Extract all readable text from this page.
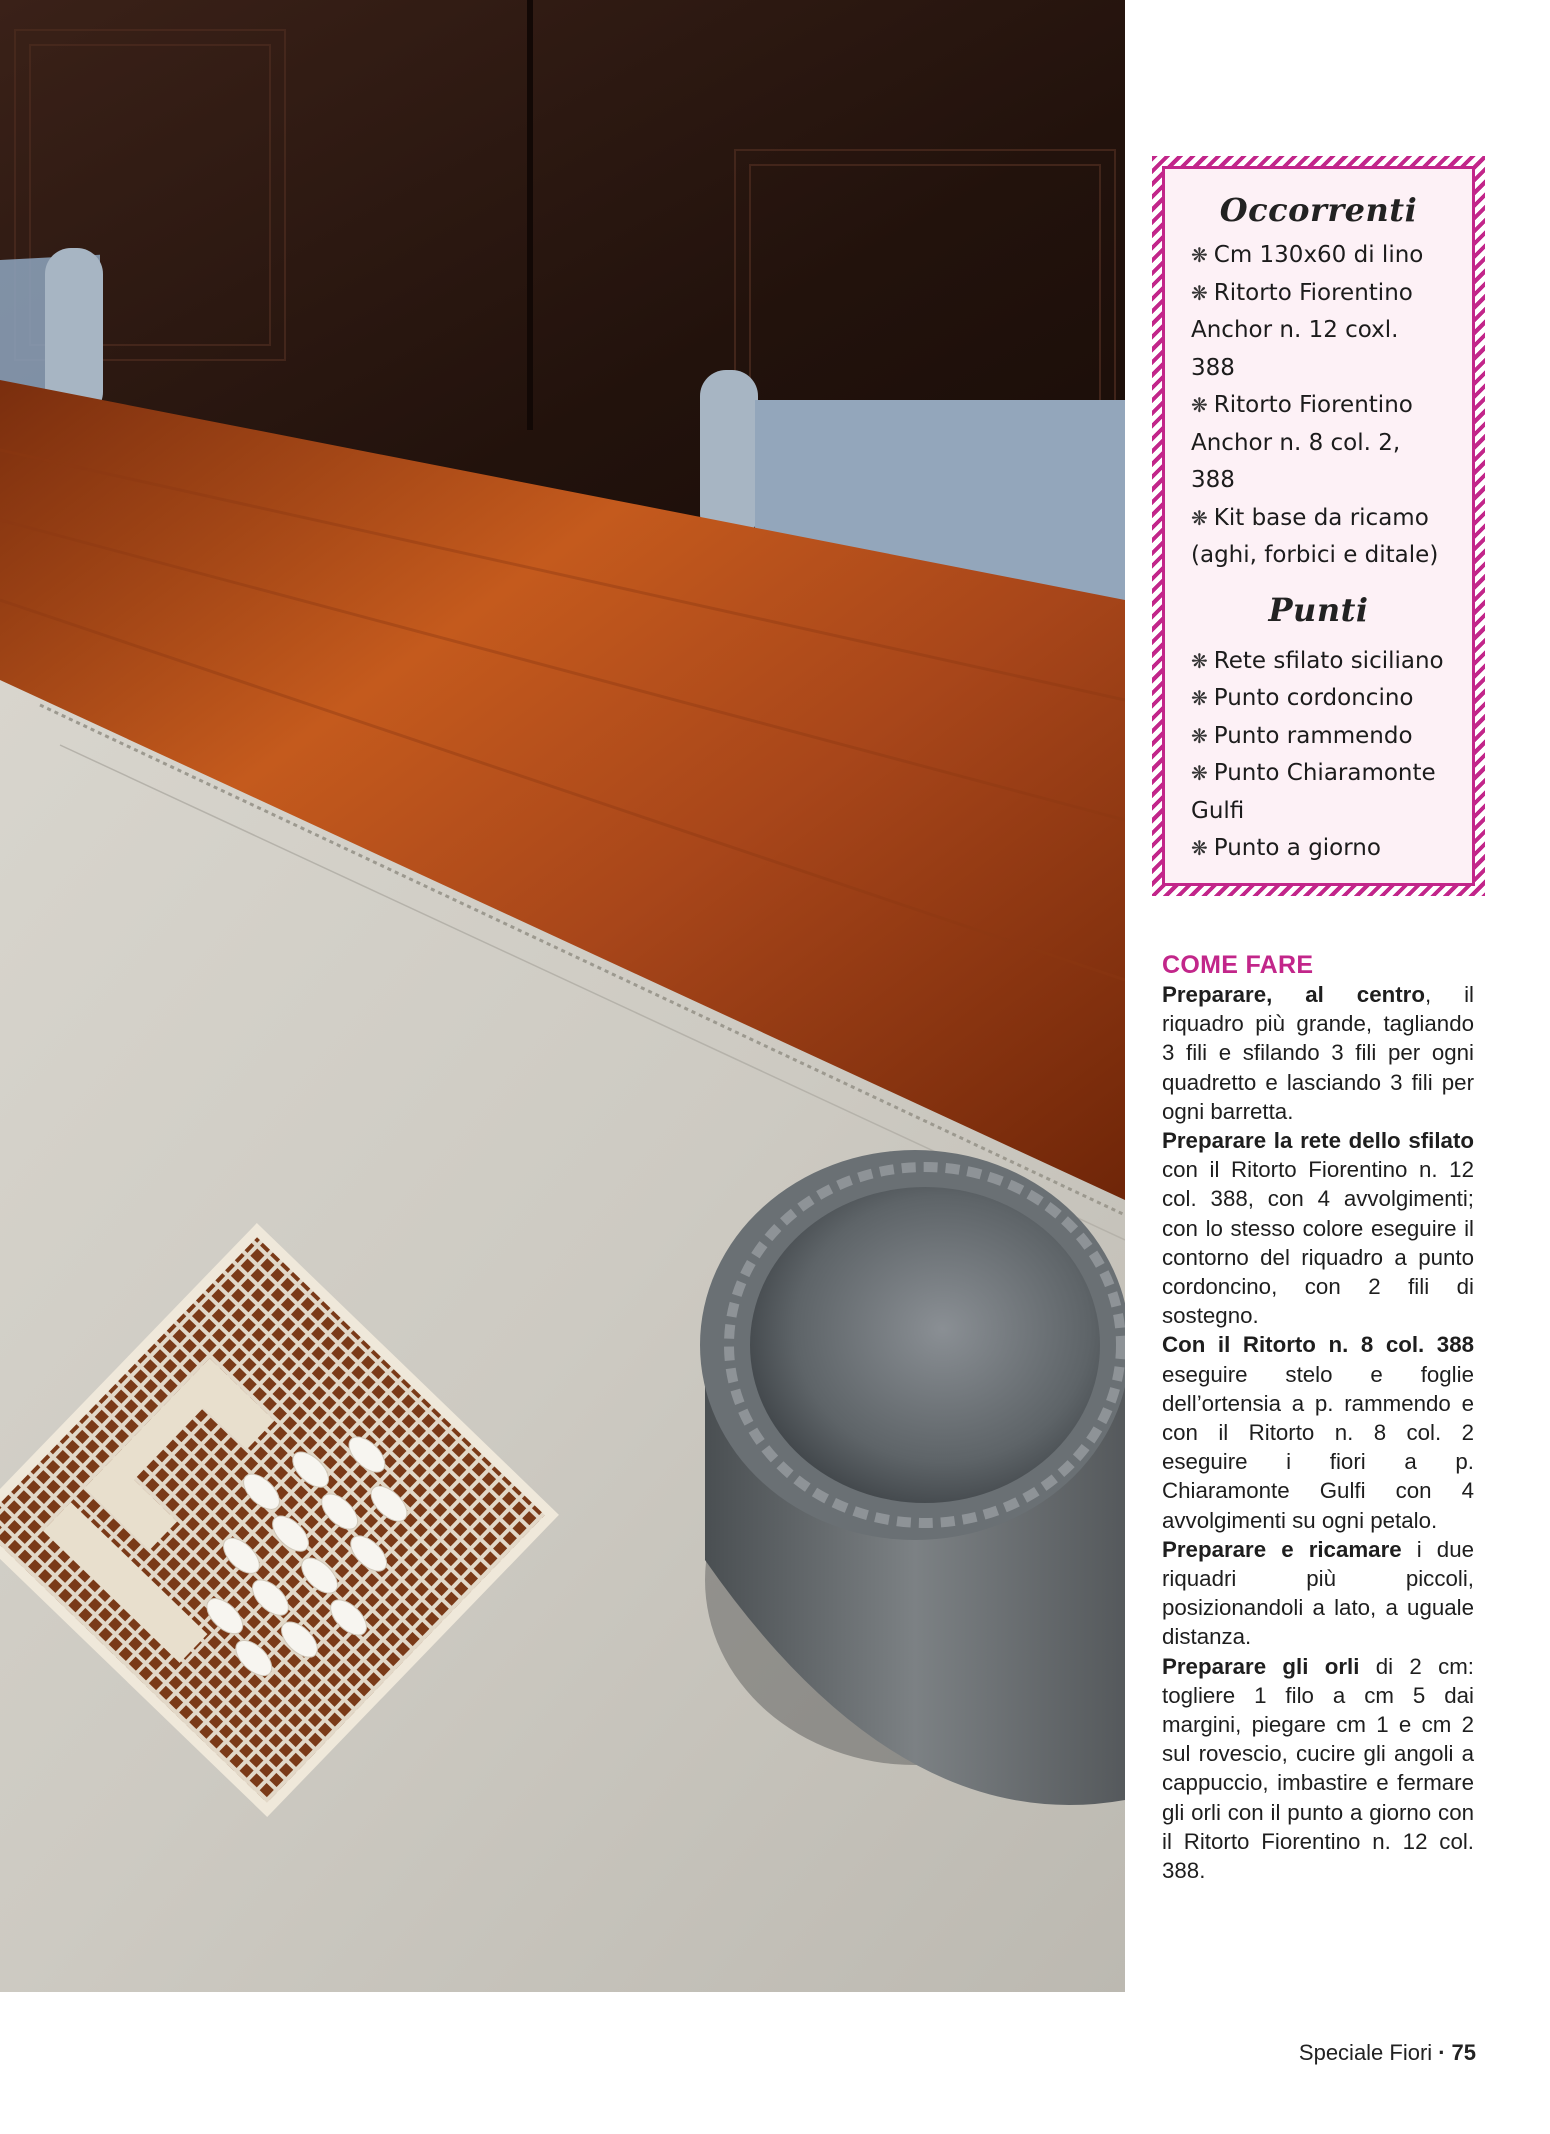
Occorrenti
❋ Cm 130x60 di lino
❋ Ritorto Fiorentino Anchor n. 12 coxl. 388
❋ Ritorto Fiorentino Anchor n. 8 col. 2, 388
❋ Kit base da ricamo (aghi, forbici e ditale)
Punti
❋ Rete sfilato siciliano
❋ Punto cordoncino
❋ Punto rammendo
❋ Punto Chiaramonte Gulfi
❋ Punto a giorno
COME FARE

Preparare, al centro, il riquadro più grande, tagliando 3 fili e sfilando 3 fili per ogni quadretto e lasciando 3 fili per ogni barretta.

Preparare la rete dello sfilato con il Ritorto Fiorentino n. 12 col. 388, con 4 avvolgimenti; con lo stesso colore eseguire il contorno del riquadro a punto cordoncino, con 2 fili di sostegno.

Con il Ritorto n. 8 col. 388 eseguire stelo e foglie dell’ortensia a p. rammendo e con il Ritorto n. 8 col. 2 eseguire i fiori a p. Chiaramonte Gulfi con 4 avvolgimenti su ogni petalo.

Preparare e ricamare i due riquadri più piccoli, posizionandoli a lato, a uguale distanza.

Preparare gli orli di 2 cm: togliere 1 filo a cm 5 dai margini, piegare cm 1 e cm 2 sul rovescio, cucire gli angoli a cappuccio, imbastire e fermare gli orli con il punto a giorno con il Ritorto Fiorentino n. 12 col. 388.

Speciale Fiori · 75
